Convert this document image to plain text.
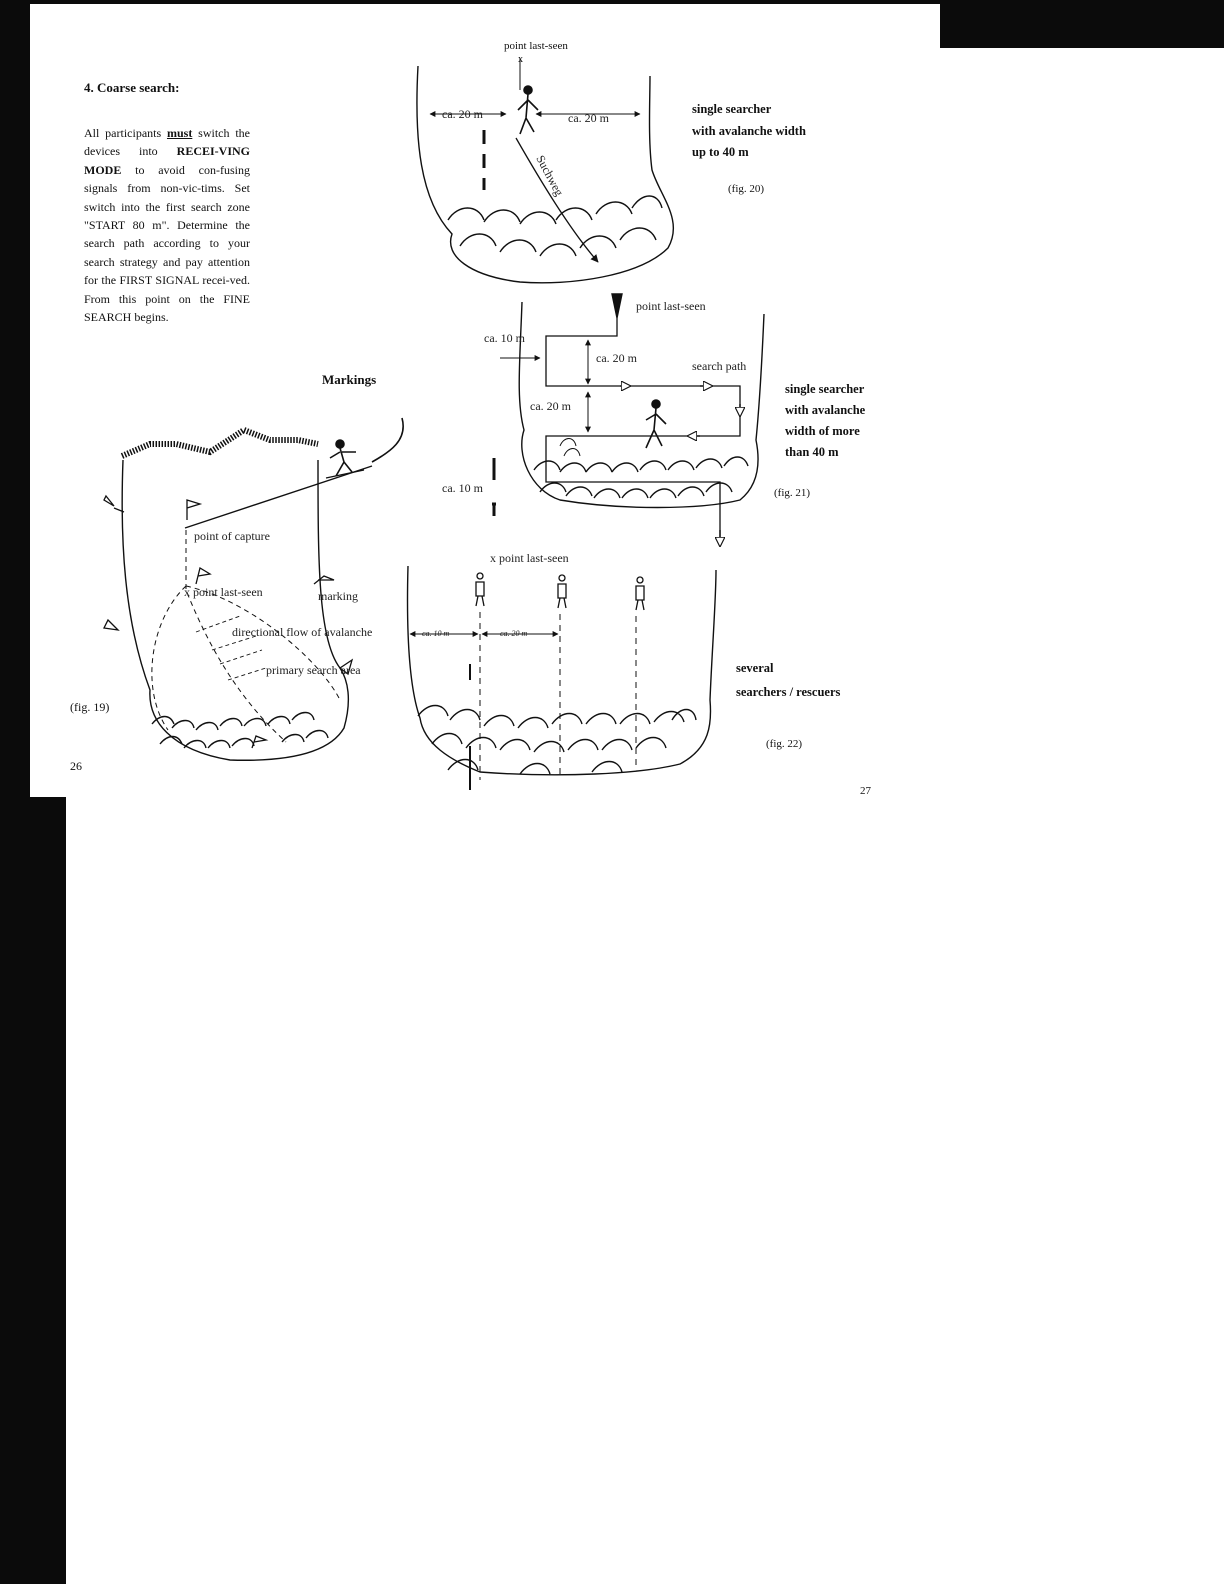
4. Coarse search:
All participants must switch the devices into RECEI-VING MODE to avoid con-fusing signals from non-vic-tims. Set switch into the first search zone "START 80 m". Determine the search path according to your search strategy and pay attention for the FIRST SIGNAL recei-ved. From this point on the FINE SEARCH begins.
Markings
(fig. 19)
26
point last-seen
x
single searcher
with avalanche width
up to 40 m
(fig. 20)
single searcher
with avalanche
width of more
than 40 m
(fig. 21)
several
searchers / rescuers
(fig. 22)
27
point of capture
x point last-seen	marking
directional flow of avalanche
primary search area
ca. 20 m	ca. 20 m
Suchweg
point last-seen
ca. 10 m
ca. 20 m
search path
ca. 20 m
ca. 10 m
x point last-seen
ca. 10 m	ca. 20 m
